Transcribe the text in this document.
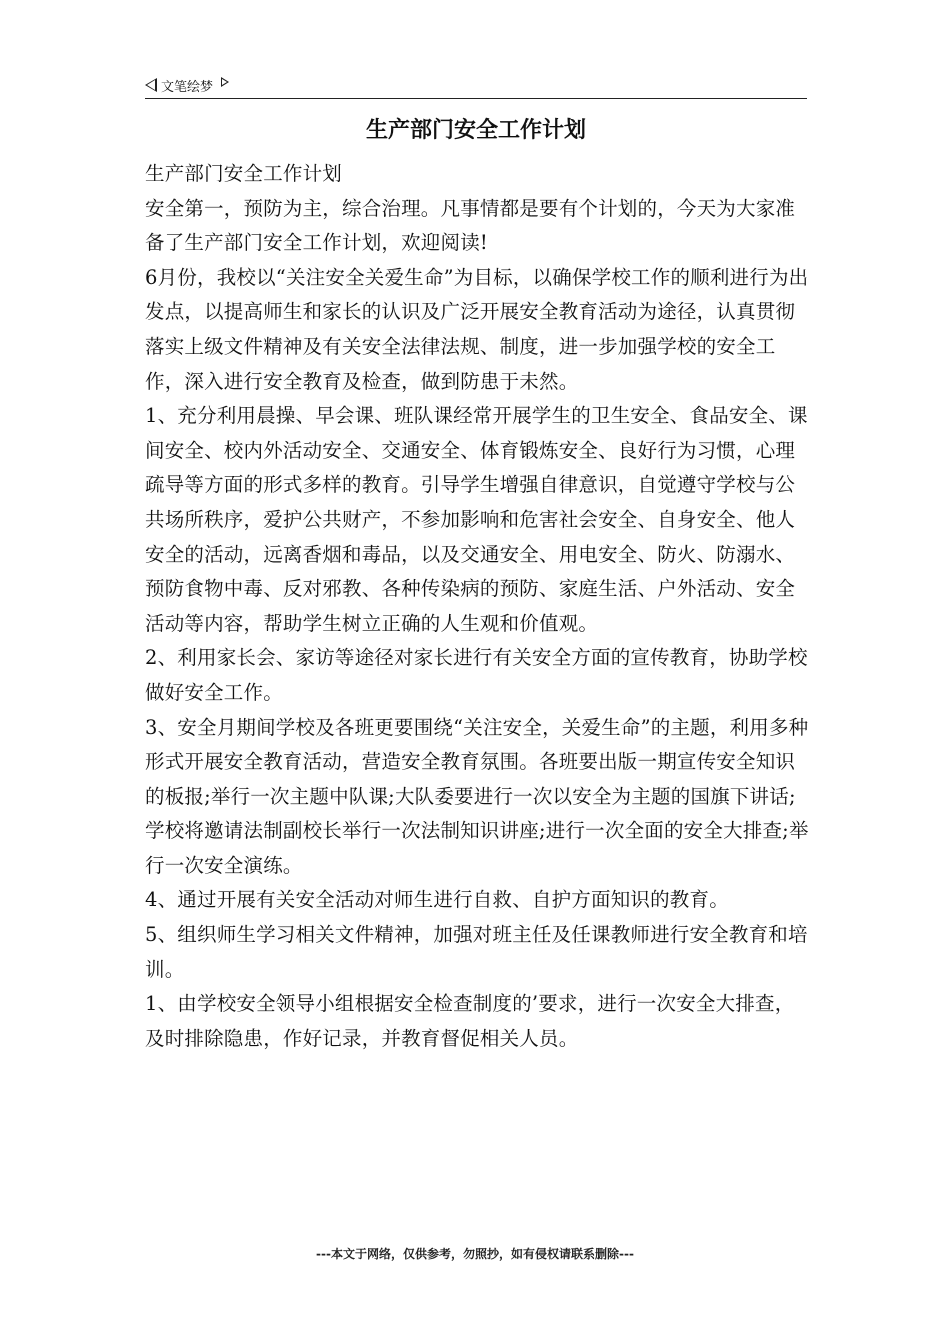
文笔绘梦
生产部门安全工作计划

生产部门安全工作计划

安全第一，预防为主，综合治理。凡事情都是要有个计划的，今天为大家准备了生产部门安全工作计划，欢迎阅读!

6月份，我校以“关注安全关爱生命”为目标，以确保学校工作的顺利进行为出发点，以提高师生和家长的认识及广泛开展安全教育活动为途径，认真贯彻落实上级文件精神及有关安全法律法规、制度，进一步加强学校的安全工作，深入进行安全教育及检查，做到防患于未然。

1、充分利用晨操、早会课、班队课经常开展学生的卫生安全、食品安全、课间安全、校内外活动安全、交通安全、体育锻炼安全、良好行为习惯，心理疏导等方面的形式多样的教育。引导学生增强自律意识，自觉遵守学校与公共场所秩序，爱护公共财产，不参加影响和危害社会安全、自身安全、他人安全的活动，远离香烟和毒品，以及交通安全、用电安全、防火、防溺水、预防食物中毒、反对邪教、各种传染病的预防、家庭生活、户外活动、安全活动等内容，帮助学生树立正确的人生观和价值观。

2、利用家长会、家访等途径对家长进行有关安全方面的宣传教育，协助学校做好安全工作。

3、安全月期间学校及各班更要围绕“关注安全，关爱生命”的主题，利用多种形式开展安全教育活动，营造安全教育氛围。各班要出版一期宣传安全知识的板报;举行一次主题中队课;大队委要进行一次以安全为主题的国旗下讲话;学校将邀请法制副校长举行一次法制知识讲座;进行一次全面的安全大排查;举行一次安全演练。

4、通过开展有关安全活动对师生进行自救、自护方面知识的教育。

5、组织师生学习相关文件精神，加强对班主任及任课教师进行安全教育和培训。

1、由学校安全领导小组根据安全检查制度的’要求，进行一次安全大排查，及时排除隐患，作好记录，并教育督促相关人员。

---本文于网络，仅供参考，勿照抄，如有侵权请联系删除---
